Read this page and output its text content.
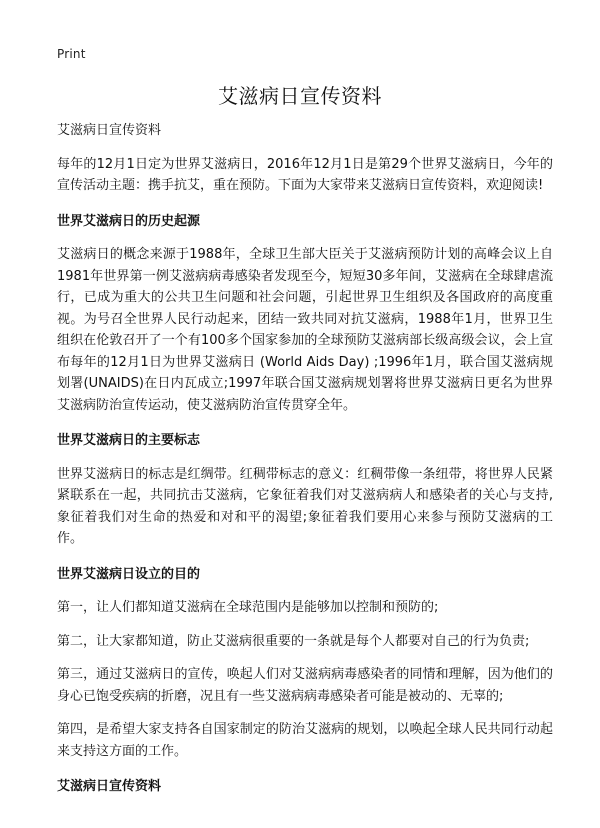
Print
艾滋病日宣传资料

艾滋病日宣传资料

每年的12月1日定为世界艾滋病日，2016年12月1日是第29个世界艾滋病日，今年的宣传活动主题：携手抗艾，重在预防。下面为大家带来艾滋病日宣传资料，欢迎阅读!

世界艾滋病日的历史起源

艾滋病日的概念来源于1988年，全球卫生部大臣关于艾滋病预防计划的高峰会议上自1981年世界第一例艾滋病病毒感染者发现至今，短短30多年间，艾滋病在全球肆虐流行，已成为重大的公共卫生问题和社会问题，引起世界卫生组织及各国政府的高度重视。为号召全世界人民行动起来，团结一致共同对抗艾滋病，1988年1月，世界卫生组织在伦敦召开了一个有100多个国家参加的全球预防艾滋病部长级高级会议，会上宣布每年的12月1日为世界艾滋病日 (World Aids Day) ;1996年1月，联合国艾滋病规划署(UNAIDS)在日内瓦成立;1997年联合国艾滋病规划署将世界艾滋病日更名为世界艾滋病防治宣传运动，使艾滋病防治宣传贯穿全年。

世界艾滋病日的主要标志

世界艾滋病日的标志是红绸带。红稠带标志的意义：红稠带像一条纽带，将世界人民紧紧联系在一起，共同抗击艾滋病，它象征着我们对艾滋病病人和感染者的关心与支持,象征着我们对生命的热爱和对和平的渴望;象征着我们要用心来参与预防艾滋病的工作。

世界艾滋病日设立的目的

第一，让人们都知道艾滋病在全球范围内是能够加以控制和预防的;

第二，让大家都知道，防止艾滋病很重要的一条就是每个人都要对自己的行为负责;

第三，通过艾滋病日的宣传，唤起人们对艾滋病病毒感染者的同情和理解，因为他们的身心已饱受疾病的折磨，况且有一些艾滋病病毒感染者可能是被动的、无辜的;

第四，是希望大家支持各自国家制定的防治艾滋病的规划，以唤起全球人民共同行动起来支持这方面的工作。

艾滋病日宣传资料
